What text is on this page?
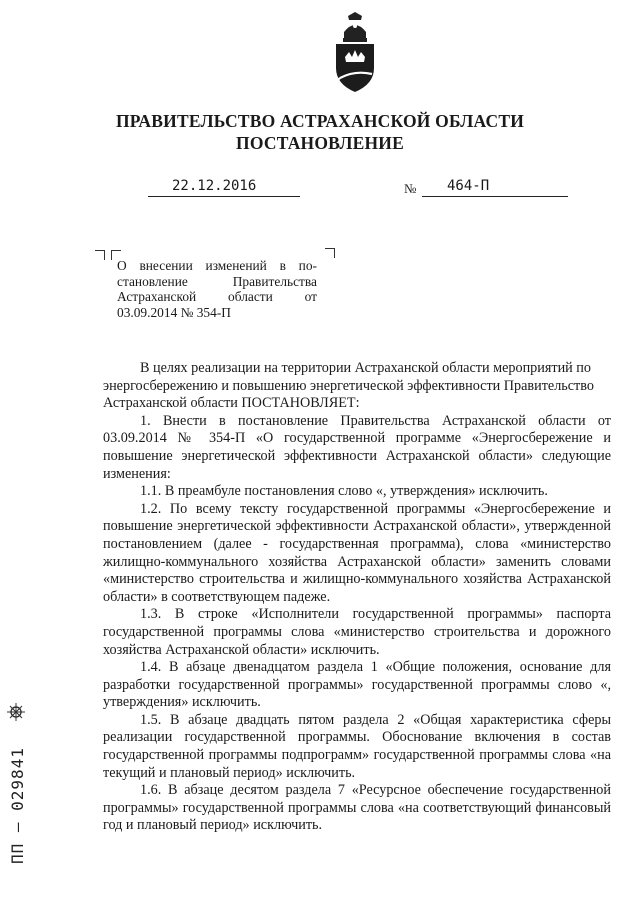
ПРАВИТЕЛЬСТВО АСТРАХАНСКОЙ ОБЛАСТИ
ПОСТАНОВЛЕНИЕ
22.12.2016	№ 464-П
О внесении изменений в по-
становление Правительства
Астраханской области от
03.09.2014 № 354-П

В целях реализации на территории Астраханской области мероприятий по энергосбережению и повышению энергетической эффективности Правительство Астраханской области ПОСТАНОВЛЯЕТ:

1. Внести в постановление Правительства Астраханской области от 03.09.2014 № 354-П «О государственной программе «Энергосбережение и повышение энергетической эффективности Астраханской области» следующие изменения:

1.1. В преамбуле постановления слово «, утверждения» исключить.

1.2. По всему тексту государственной программы «Энергосбережение и повышение энергетической эффективности Астраханской области», утвержденной постановлением (далее - государственная программа), слова «министерство жилищно-коммунального хозяйства Астраханской области» заменить словами «министерство строительства и жилищно-коммунального хозяйства Астраханской области» в соответствующем падеже.

1.3. В строке «Исполнители государственной программы» паспорта государственной программы слова «министерство строительства и дорожного хозяйства Астраханской области» исключить.

1.4. В абзаце двенадцатом раздела 1 «Общие положения, основание для разработки государственной программы» государственной программы слово «, утверждения» исключить.

1.5. В абзаце двадцать пятом раздела 2 «Общая характеристика сферы реализации государственной программы. Обоснование включения в состав государственной программы подпрограмм» государственной программы слова «на текущий и плановый период» исключить.

1.6. В абзаце десятом раздела 7 «Ресурсное обеспечение государственной программы» государственной программы слова «на соответствующий финансовый год и плановый период» исключить.

ПП – 029841
